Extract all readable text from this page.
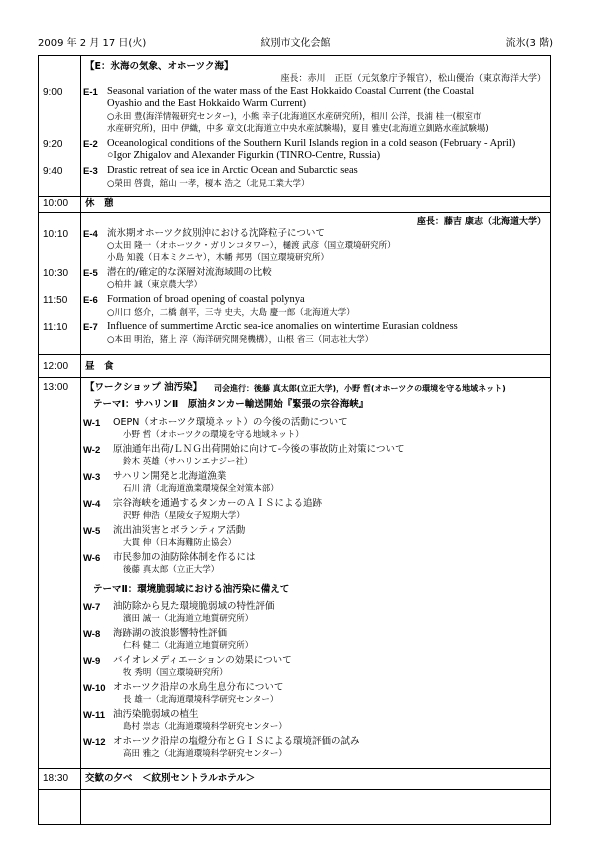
2009 年 2 月 17 日(火)	紋別市文化会館	流氷(3 階)
【E：氷海の気象、オホーツク海】
座長：赤川　正臣（元気象庁予報官），松山優治（東京海洋大学）
9:00 E-1 Seasonal variation of the water mass of the East Hokkaido Coastal Current (the Coastal
Oyashio and the East Hokkaido Warm Current)
○永田 豊(海洋情報研究センター)，小熊 幸子(北海道区水産研究所)，相川 公洋，長浦 桂一(根室市
水産研究所)，田中 伊織，中多 章文(北海道立中央水産試験場)，夏目 雅史(北海道立釧路水産試験場)
9:20 E-2 Oceanological conditions of the Southern Kuril Islands region in a cold season (February - April)
○Igor Zhigalov and Alexander Figurkin (TINRO-Centre, Russia)
9:40 E-3 Drastic retreat of sea ice in Arctic Ocean and Subarctic seas
○榮田 啓貴，舘山 一孝，榎本 浩之（北見工業大学）
10:00 休　憩
座長：藤吉 康志（北海道大学）
10:10 E-4 流氷期オホーツク紋別沖における沈降粒子について
○太田 隆一（オホーツク・ガリンコタワー），樋渡 武彦（国立環境研究所）
小島 知義（日本ミクニヤ），木幡 邦男（国立環境研究所）
10:30 E-5 潜在的/確定的な深層対流海域間の比較
○柏井 誠（東京農大学）
11:50 E-6 Formation of broad opening of coastal polynya
○川口 悠介，二橋 創平，三寺 史夫，大島 慶一郎（北海道大学）
11:10 E-7 Influence of summertime Arctic sea-ice anomalies on wintertime Eurasian coldness
○本田 明治，猪上 淳（海洋研究開発機構），山根 省三（同志社大学）
12:00 昼　食
13:00 【ワークショップ 油汚染】 司会進行：後藤 真太郎(立正大学)，小野 哲(オホーツクの環境を守る地域ネット)
テーマⅠ：サハリンⅡ　原油タンカー輸送開始『緊張の宗谷海峡』
W-1 OEPN（オホーツク環境ネット）の今後の活動について
小野 哲（オホーツクの環境を守る地域ネット）
W-2 原油通年出荷/ＬＮＧ出荷開始に向けて-今後の事故防止対策について
鈴木 英雄（サハリンエナジー社）
W-3 サハリン開発と北海道漁業
石川 清（北海道漁業環境保全対策本部）
W-4 宗谷海峡を通過するタンカーのＡＩＳによる追跡
沢野 伸浩（星陵女子短期大学）
W-5 流出油災害とボランティア活動
大貫 伸（日本海難防止協会）
W-6 市民参加の油防除体制を作るには
後藤 真太郎（立正大学）
テーマⅡ：環境脆弱域における油汚染に備えて
W-7 油防除から見た環境脆弱域の特性評価
濱田 誠一（北海道立地質研究所）
W-8 海跡湖の波浪影響特性評価
仁科 健二（北海道立地質研究所）
W-9 バイオレメディエーションの効果について
牧 秀明（国立環境研究所）
W-10 オホーツク沿岸の水鳥生息分布について
長 雄一（北海道環境科学研究センター）
W-11 油汚染脆弱域の植生
島村 崇志（北海道環境科学研究センター）
W-12 オホーツク沿岸の塩燈分布とＧＩＳによる環境評価の試み
高田 雅之（北海道環境科学研究センター）
18:30 交歓の夕べ　＜紋別セントラルホテル＞
